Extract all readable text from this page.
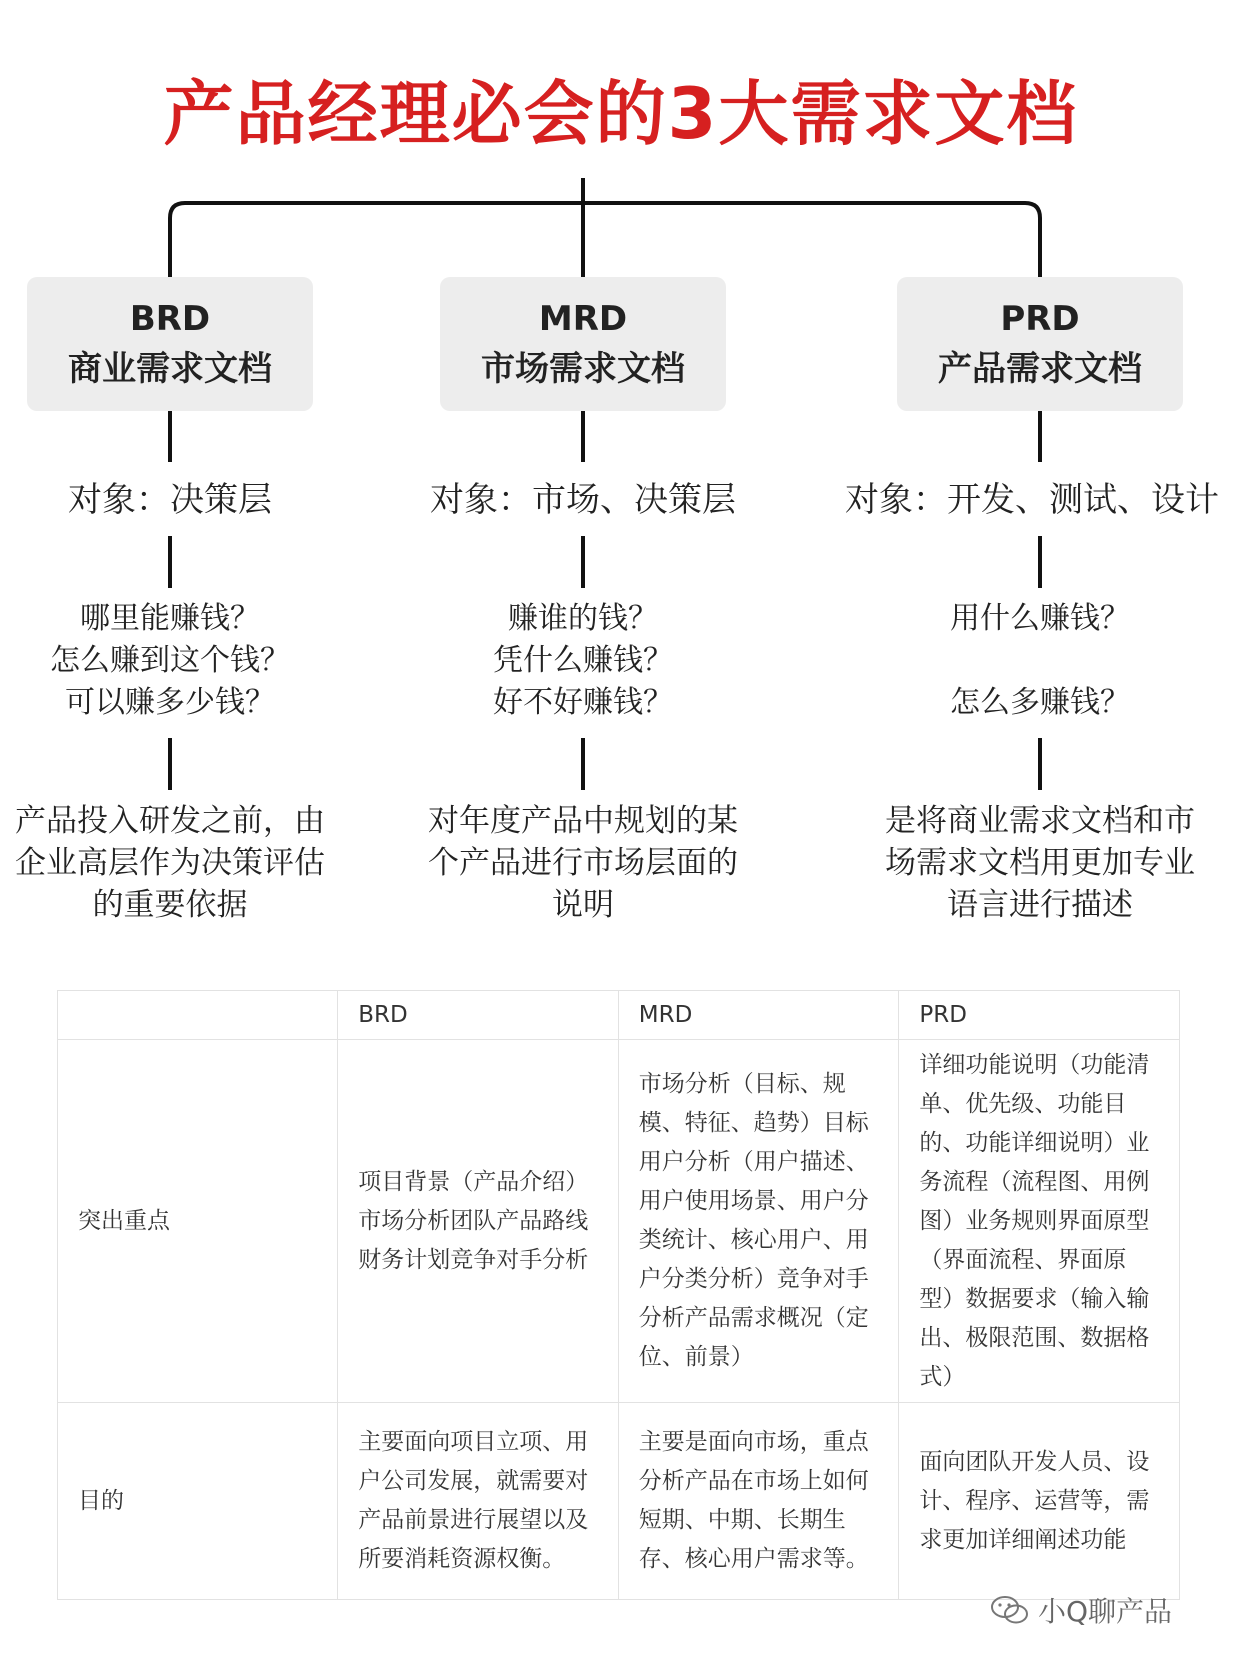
产品经理必会的3大需求文档
BRD
商业需求文档
对象：决策层
哪里能赚钱？
怎么赚到这个钱？
可以赚多少钱？
产品投入研发之前，由
企业高层作为决策评估
的重要依据
MRD
市场需求文档
对象：市场、决策层
赚谁的钱？
凭什么赚钱？
好不好赚钱？
对年度产品中规划的某
个产品进行市场层面的
说明
PRD
产品需求文档
对象：开发、测试、设计
用什么赚钱？
怎么多赚钱？
是将商业需求文档和市
场需求文档用更加专业
语言进行描述
	BRD	MRD	PRD
突出重点	项目背景（产品介绍）市场分析团队产品路线财务计划竞争对手分析	市场分析（目标、规模、特征、趋势）目标用户分析（用户描述、用户使用场景、用户分类统计、核心用户、用户分类分析）竞争对手分析产品需求概况（定位、前景）	详细功能说明（功能清单、优先级、功能目的、功能详细说明）业务流程（流程图、用例图）业务规则界面原型（界面流程、界面原型）数据要求（输入输出、极限范围、数据格式）
目的	主要面向项目立项、用户公司发展，就需要对产品前景进行展望以及所要消耗资源权衡。	主要是面向市场，重点分析产品在市场上如何短期、中期、长期生存、核心用户需求等。	面向团队开发人员、设计、程序、运营等，需求更加详细阐述功能
小Q聊产品
